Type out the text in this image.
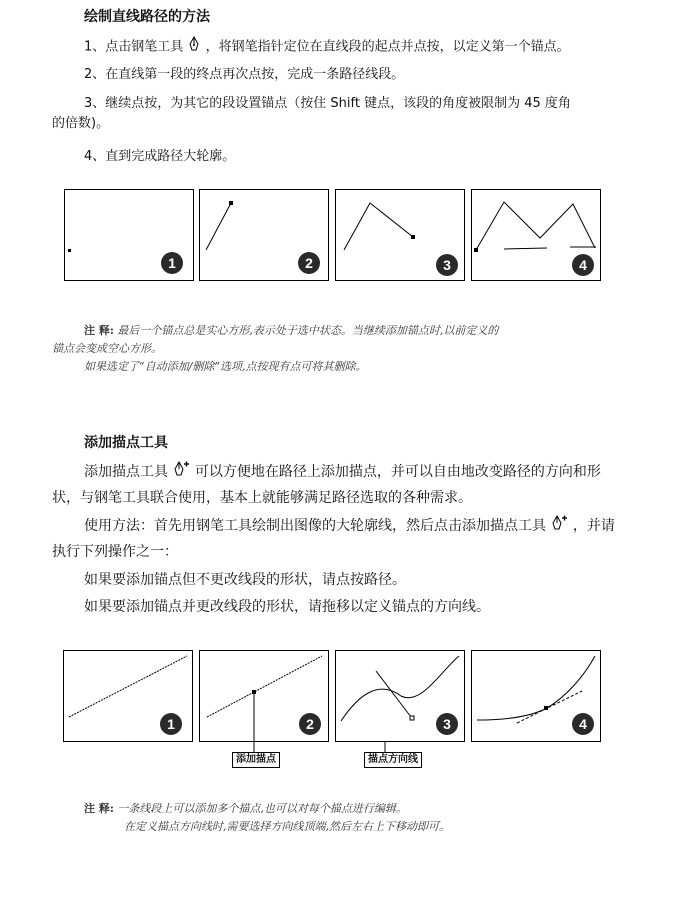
绘制直线路径的方法
1、点击钢笔工具 ，将钢笔指针定位在直线段的起点并点按，以定义第一个锚点。
2、在直线第一段的终点再次点按，完成一条路径线段。
3、继续点按，为其它的段设置锚点（按住 Shift 键点，该段的角度被限制为 45 度角
的倍数)。
4、直到完成路径大轮廓。
1	2	3	4
注 释: 最后一个锚点总是实心方形,表示处于选中状态。当继续添加锚点时,以前定义的
锚点会变成空心方形。
如果选定了“自动添加/删除”选项,点按现有点可将其删除。
添加描点工具
添加描点工具 可以方便地在路径上添加描点，并可以自由地改变路径的方向和形
状，与钢笔工具联合使用，基本上就能够满足路径选取的各种需求。
使用方法：首先用钢笔工具绘制出图像的大轮廓线，然后点击添加描点工具 ，并请
执行下列操作之一：
如果要添加锚点但不更改线段的形状，请点按路径。
如果要添加锚点并更改线段的形状，请拖移以定义锚点的方向线。
1	2	3	4
添加描点	描点方向线
注 释: 一条线段上可以添加多个描点,也可以对每个描点进行编辑。
在定义描点方向线时,需要选择方向线顶端,然后左右上下移动即可。
